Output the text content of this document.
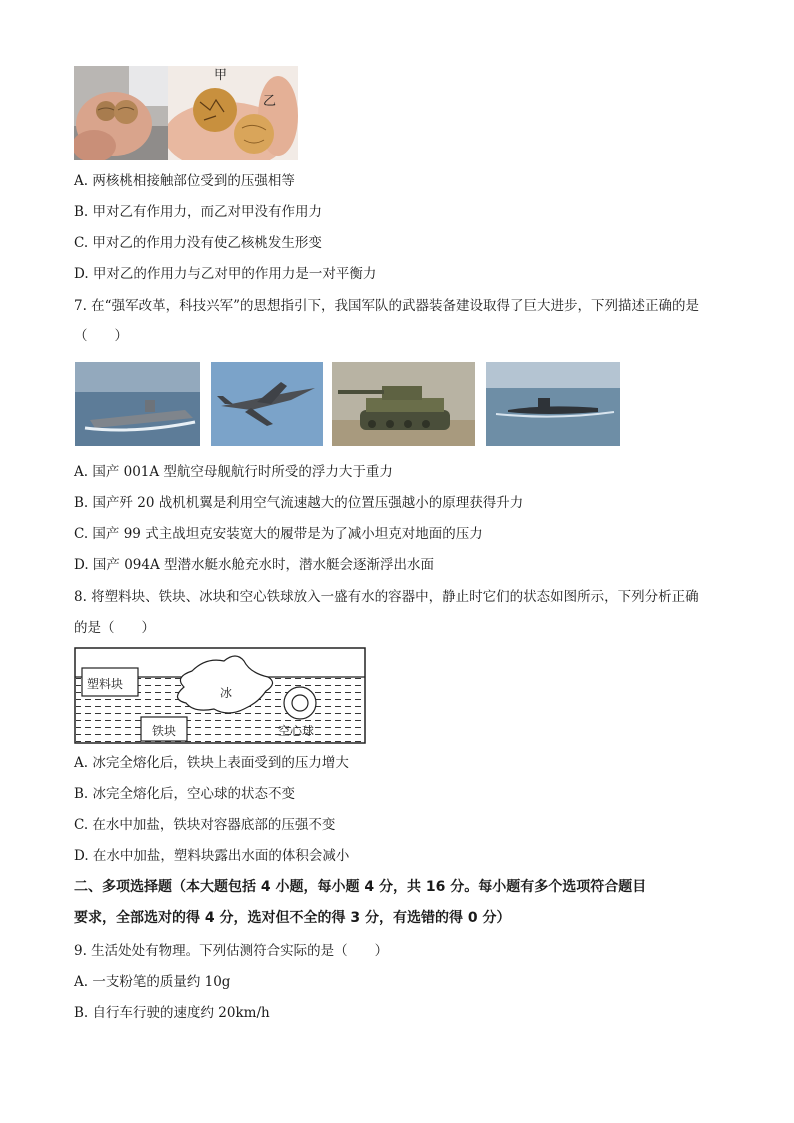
甲
乙
A. 两核桃相接触部位受到的压强相等
B. 甲对乙有作用力，而乙对甲没有作用力
C. 甲对乙的作用力没有使乙核桃发生形变
D. 甲对乙的作用力与乙对甲的作用力是一对平衡力
7. 在“强军改革，科技兴军”的思想指引下，我国军队的武器装备建设取得了巨大进步，下列描述正确的是
（　　）
A. 国产 001A 型航空母舰航行时所受的浮力大于重力
B. 国产歼 20 战机机翼是利用空气流速越大的位置压强越小的原理获得升力
C. 国产 99 式主战坦克安装宽大的履带是为了减小坦克对地面的压力
D. 国产 094A 型潜水艇水舱充水时，潜水艇会逐渐浮出水面
8. 将塑料块、铁块、冰块和空心铁球放入一盛有水的容器中，静止时它们的状态如图所示，下列分析正确
的是（　　）
塑料块
冰
铁块	空心球
A. 冰完全熔化后，铁块上表面受到的压力增大
B. 冰完全熔化后，空心球的状态不变
C. 在水中加盐，铁块对容器底部的压强不变
D. 在水中加盐，塑料块露出水面的体积会减小
二、多项选择题（本大题包括 4 小题，每小题 4 分，共 16 分。每小题有多个选项符合题目
要求，全部选对的得 4 分，选对但不全的得 3 分，有选错的得 0 分）
9. 生活处处有物理。下列估测符合实际的是（　　）
A. 一支粉笔的质量约 10g
B. 自行车行驶的速度约 20km/h
